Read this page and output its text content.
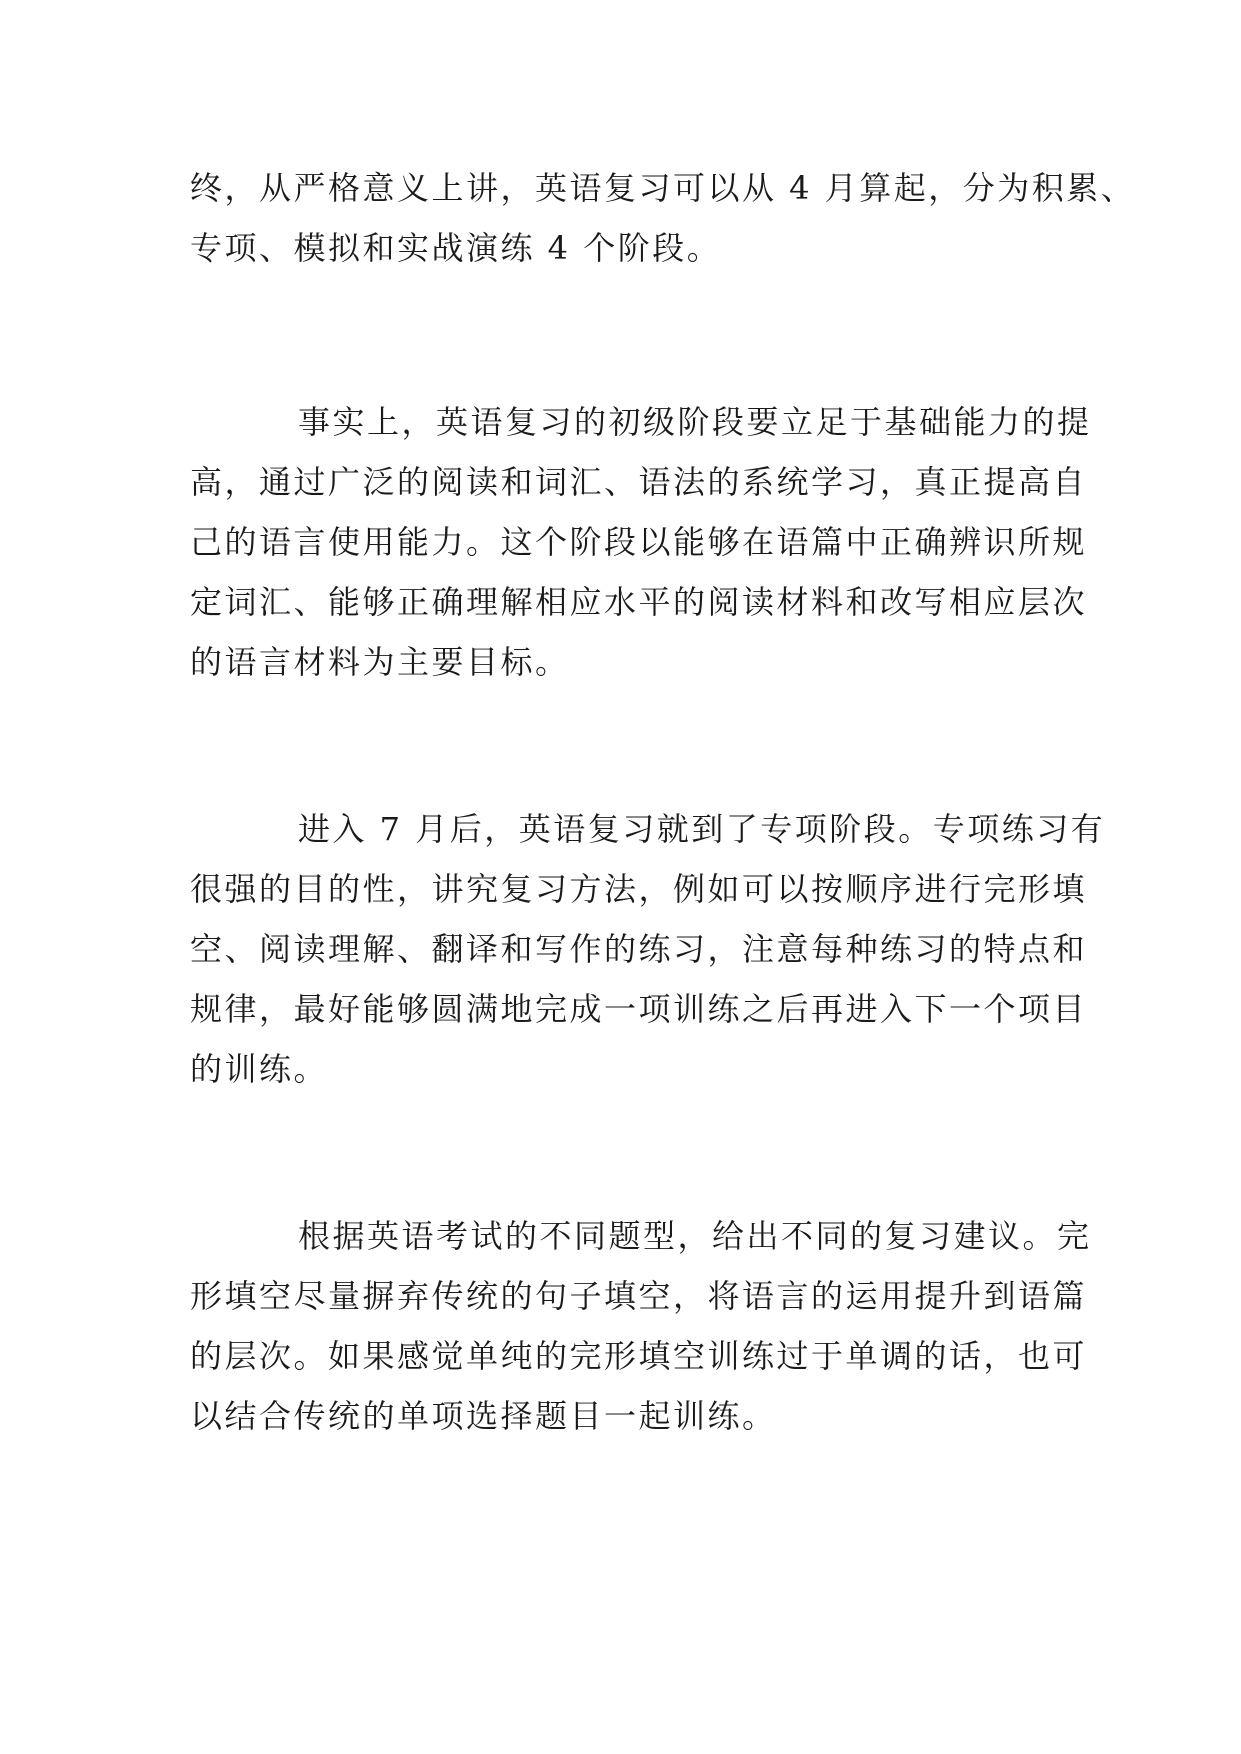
终，从严格意义上讲，英语复习可以从 4 月算起，分为积累、
专项、模拟和实战演练 4 个阶段。

事实上，英语复习的初级阶段要立足于基础能力的提
高，通过广泛的阅读和词汇、语法的系统学习，真正提高自
己的语言使用能力。这个阶段以能够在语篇中正确辨识所规
定词汇、能够正确理解相应水平的阅读材料和改写相应层次
的语言材料为主要目标。

进入 7 月后，英语复习就到了专项阶段。专项练习有
很强的目的性，讲究复习方法，例如可以按顺序进行完形填
空、阅读理解、翻译和写作的练习，注意每种练习的特点和
规律，最好能够圆满地完成一项训练之后再进入下一个项目
的训练。

根据英语考试的不同题型，给出不同的复习建议。完
形填空尽量摒弃传统的句子填空，将语言的运用提升到语篇
的层次。如果感觉单纯的完形填空训练过于单调的话，也可
以结合传统的单项选择题目一起训练。
